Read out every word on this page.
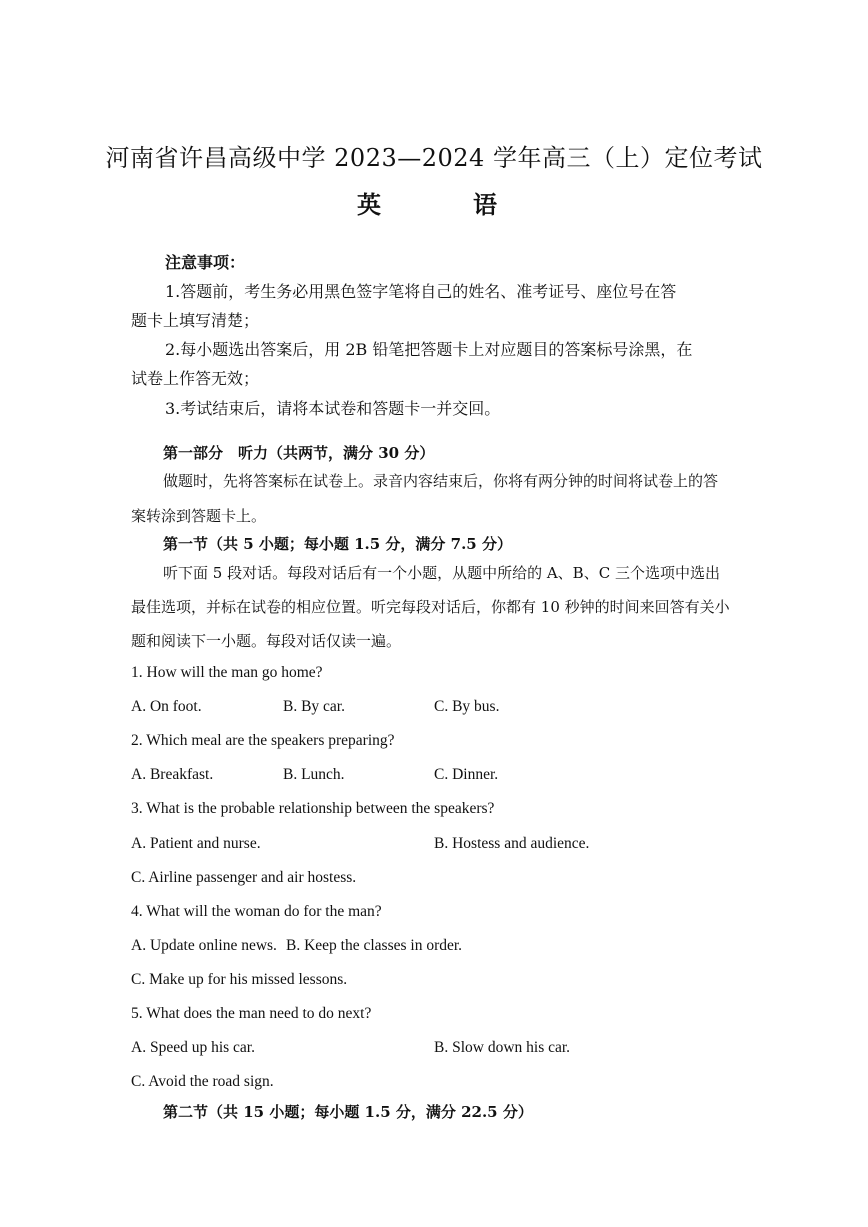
河南省许昌高级中学 2023—2024 学年高三（上）定位考试
英　语
注意事项：
1.答题前，考生务必用黑色签字笔将自己的姓名、准考证号、座位号在答
题卡上填写清楚；
2.每小题选出答案后，用 2B 铅笔把答题卡上对应题目的答案标号涂黑，在
试卷上作答无效；
3.考试结束后，请将本试卷和答题卡一并交回。
第一部分　听力（共两节，满分 30 分）
做题时，先将答案标在试卷上。录音内容结束后，你将有两分钟的时间将试卷上的答
案转涂到答题卡上。
第一节（共 5 小题；每小题 1.5 分，满分 7.5 分）
听下面 5 段对话。每段对话后有一个小题，从题中所给的 A、B、C 三个选项中选出
最佳选项，并标在试卷的相应位置。听完每段对话后，你都有 10 秒钟的时间来回答有关小
题和阅读下一小题。每段对话仅读一遍。
1. How will the man go home?
A. On foot.	B. By car.	C. By bus.
2. Which meal are the speakers preparing?
A. Breakfast.	B. Lunch.	C. Dinner.
3. What is the probable relationship between the speakers?
A. Patient and nurse.	B. Hostess and audience.
C. Airline passenger and air hostess.
4. What will the woman do for the man?
A. Update online news. B. Keep the classes in order.
C. Make up for his missed lessons.
5. What does the man need to do next?
A. Speed up his car.	B. Slow down his car.
C. Avoid the road sign.
第二节（共 15 小题；每小题 1.5 分，满分 22.5 分）
